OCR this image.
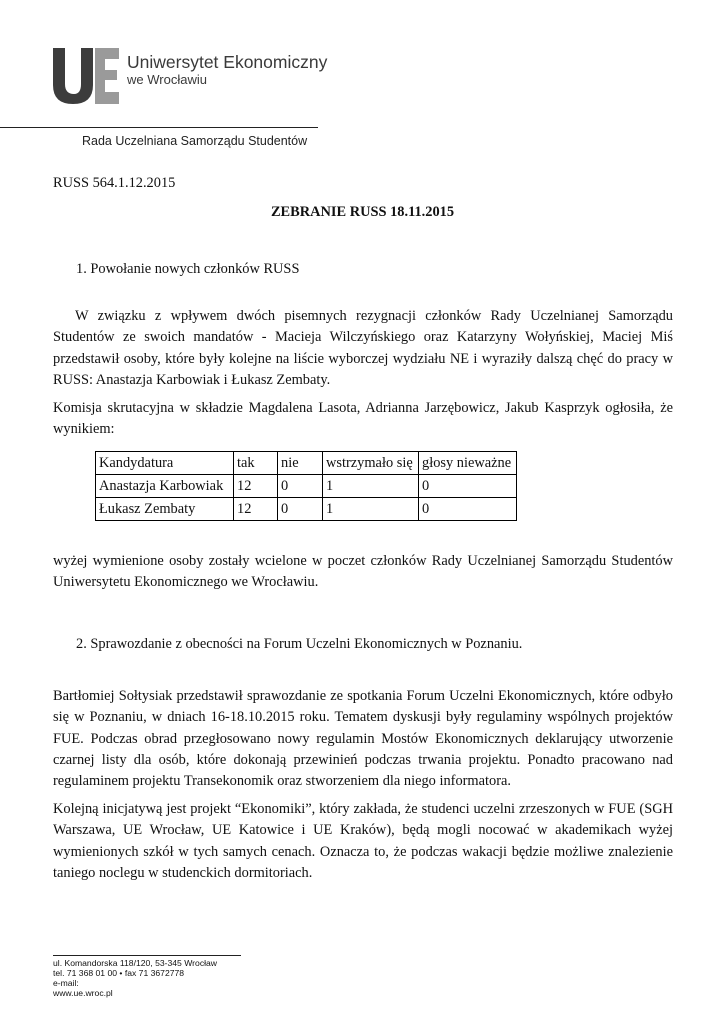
Uniwersytet Ekonomiczny
we Wrocławiu
Rada Uczelniana Samorządu Studentów
RUSS 564.1.12.2015
ZEBRANIE RUSS 18.11.2015
1. Powołanie nowych członków RUSS
W związku z wpływem dwóch pisemnych rezygnacji członków Rady Uczelnianej Samorządu Studentów ze swoich mandatów - Macieja Wilczyńskiego oraz Katarzyny Wołyńskiej, Maciej Miś przedstawił osoby, które były kolejne na liście wyborczej wydziału NE i wyraziły dalszą chęć do pracy w RUSS: Anastazja Karbowiak i Łukasz Zembaty.
Komisja skrutacyjna w składzie Magdalena Lasota, Adrianna Jarzębowicz, Jakub Kasprzyk ogłosiła, że wynikiem:
Kandydatura	tak	nie	wstrzymało się	głosy nieważne
Anastazja Karbowiak	12	0	1	0
Łukasz Zembaty	12	0	1	0
wyżej wymienione osoby zostały wcielone w poczet członków Rady Uczelnianej Samorządu Studentów Uniwersytetu Ekonomicznego we Wrocławiu.
2. Sprawozdanie z obecności na Forum Uczelni Ekonomicznych w Poznaniu.
Bartłomiej Sołtysiak przedstawił sprawozdanie ze spotkania Forum Uczelni Ekonomicznych, które odbyło się w Poznaniu, w dniach 16-18.10.2015 roku. Tematem dyskusji były regulaminy wspólnych projektów FUE. Podczas obrad przegłosowano nowy regulamin Mostów Ekonomicznych deklarujący utworzenie czarnej listy dla osób, które dokonają przewinień podczas trwania projektu. Ponadto pracowano nad regulaminem projektu Transekonomik oraz stworzeniem dla niego informatora.
Kolejną inicjatywą jest projekt “Ekonomiki”, który zakłada, że studenci uczelni zrzeszonych w FUE (SGH Warszawa, UE Wrocław, UE Katowice i UE Kraków), będą mogli nocować w akademikach wyżej wymienionych szkół w tych samych cenach. Oznacza to, że podczas wakacji będzie możliwe znalezienie taniego noclegu w studenckich dormitoriach.
ul. Komandorska 118/120, 53-345 Wrocław
tel. 71 368 01 00 • fax 71 3672778
e-mail:
www.ue.wroc.pl
